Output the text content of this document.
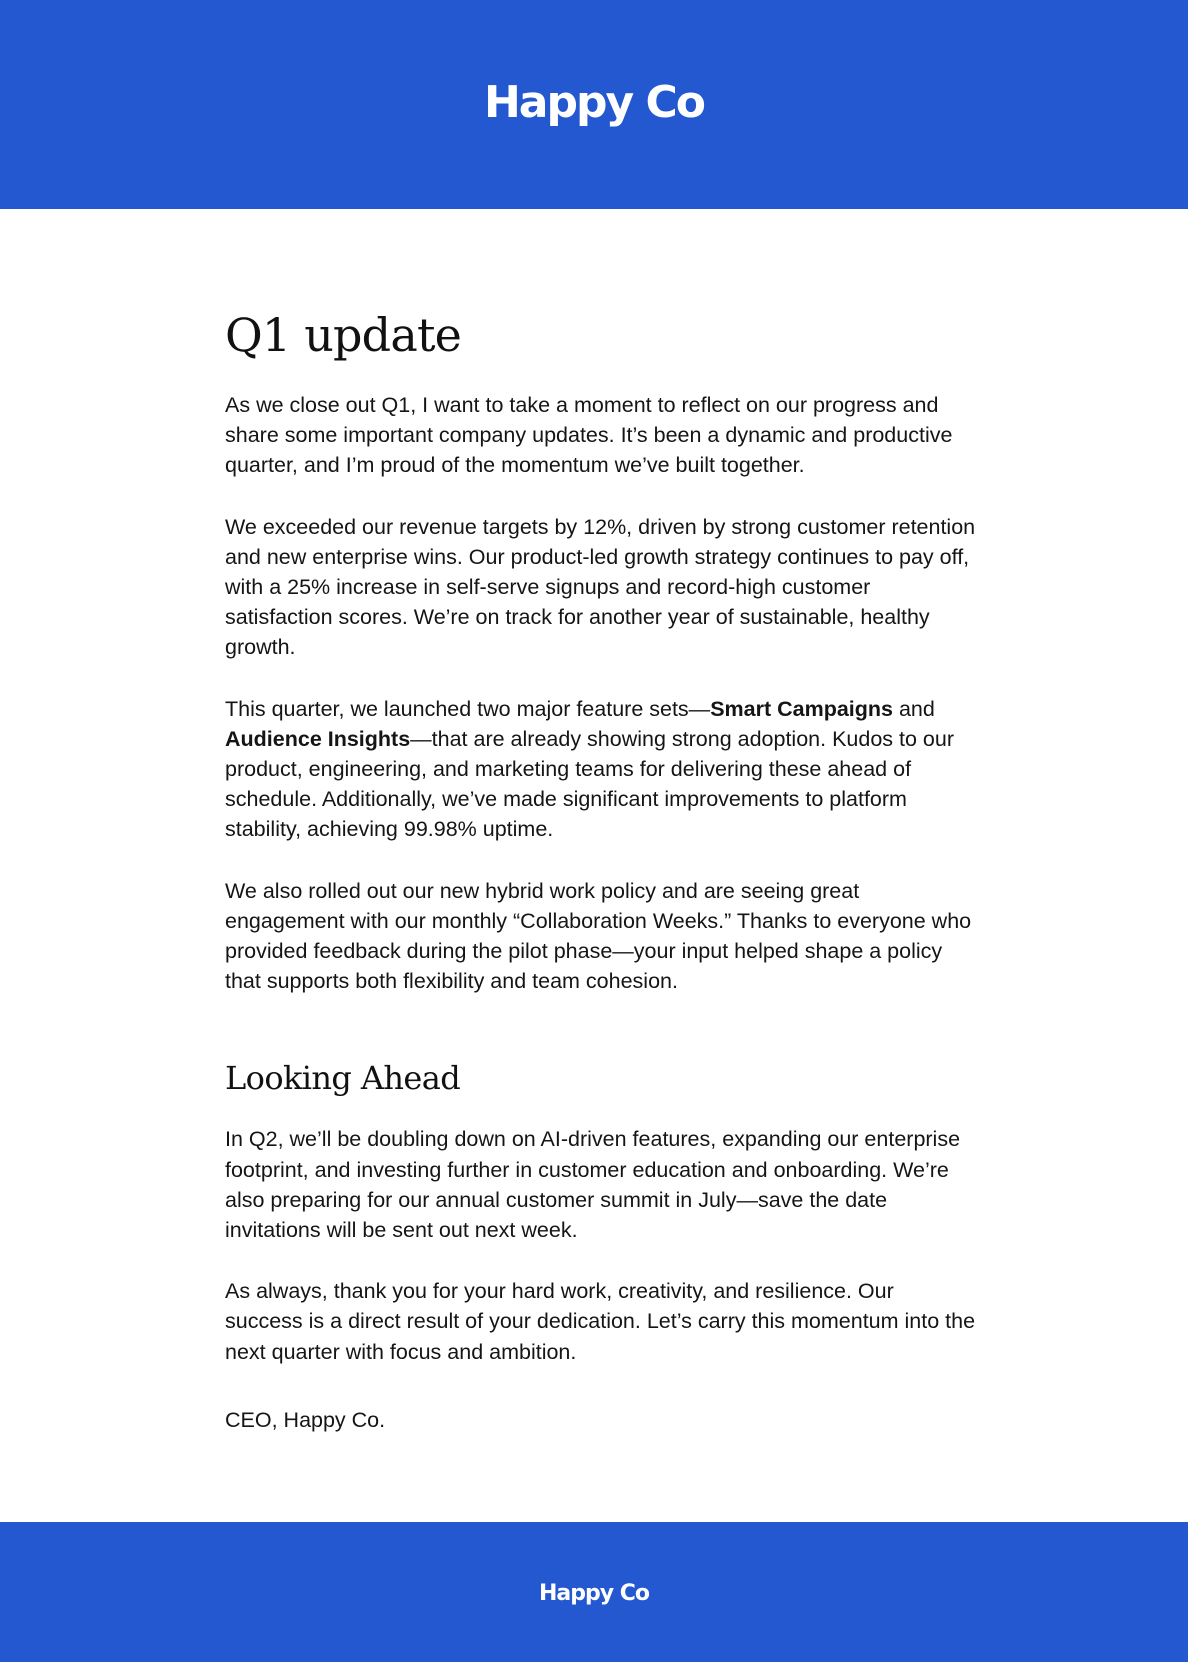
Happy Co
Q1 update

As we close out Q1, I want to take a moment to reflect on our progress and share some important company updates. It’s been a dynamic and productive quarter, and I’m proud of the momentum we’ve built together.

We exceeded our revenue targets by 12%, driven by strong customer retention and new enterprise wins. Our product-led growth strategy continues to pay off, with a 25% increase in self-serve signups and record-high customer satisfaction scores. We’re on track for another year of sustainable, healthy growth.

This quarter, we launched two major feature sets—Smart Campaigns and Audience Insights—that are already showing strong adoption. Kudos to our product, engineering, and marketing teams for delivering these ahead of schedule. Additionally, we’ve made significant improvements to platform stability, achieving 99.98% uptime.

We also rolled out our new hybrid work policy and are seeing great engagement with our monthly “Collaboration Weeks.” Thanks to everyone who provided feedback during the pilot phase—your input helped shape a policy that supports both flexibility and team cohesion.

Looking Ahead

In Q2, we’ll be doubling down on AI-driven features, expanding our enterprise footprint, and investing further in customer education and onboarding. We’re also preparing for our annual customer summit in July—save the date invitations will be sent out next week.

As always, thank you for your hard work, creativity, and resilience. Our success is a direct result of your dedication. Let’s carry this momentum into the next quarter with focus and ambition.

CEO, Happy Co.

Happy Co
